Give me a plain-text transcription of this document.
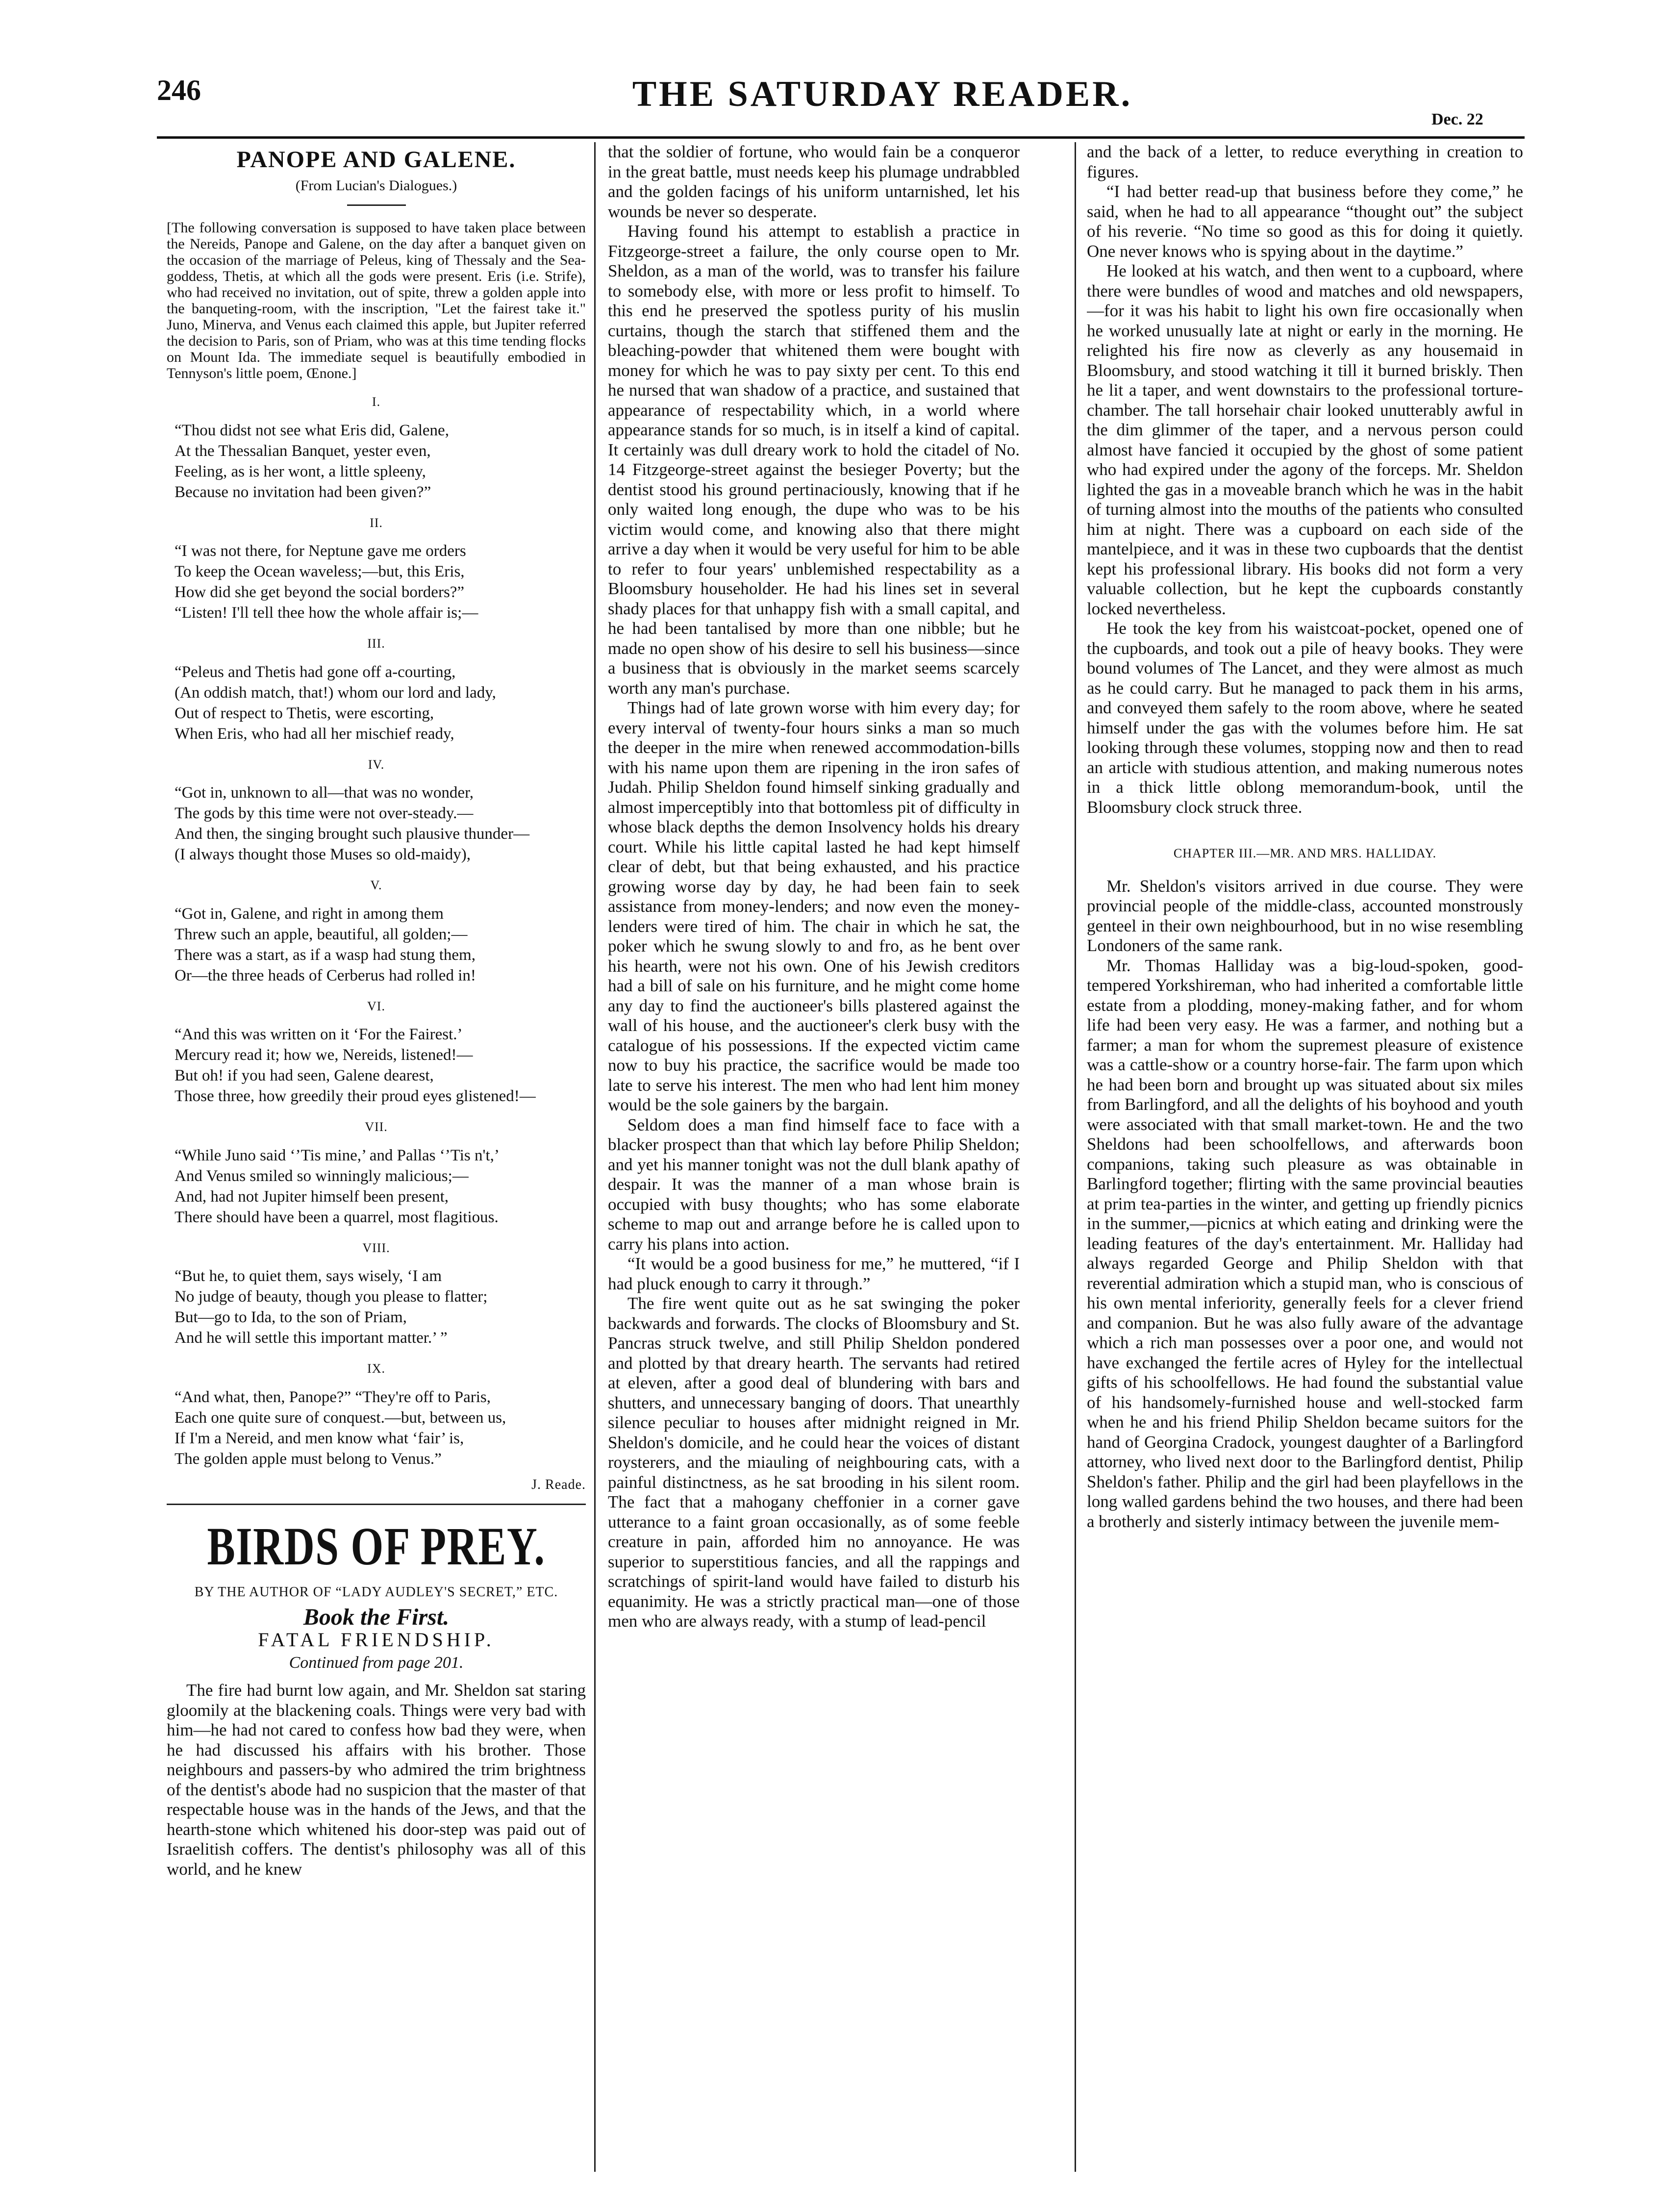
246	THE SATURDAY READER.
Dec. 22
PANOPE AND GALENE.
(From Lucian's Dialogues.)
[The following conversation is supposed to have taken place between the Nereids, Panope and Galene, on the day after a banquet given on the occasion of the marriage of Peleus, king of Thessaly and the Sea-goddess, Thetis, at which all the gods were present. Eris (i.e. Strife), who had received no invitation, out of spite, threw a golden apple into the banqueting-room, with the inscription, "Let the fairest take it." Juno, Minerva, and Venus each claimed this apple, but Jupiter referred the decision to Paris, son of Priam, who was at this time tending flocks on Mount Ida. The immediate sequel is beautifully embodied in Tennyson's little poem, Œnone.]
I.
“Thou didst not see what Eris did, Galene,
At the Thessalian Banquet, yester even,
Feeling, as is her wont, a little spleeny,
Because no invitation had been given?”
II.
“I was not there, for Neptune gave me orders
To keep the Ocean waveless;—but, this Eris,
How did she get beyond the social borders?”
“Listen! I'll tell thee how the whole affair is;—
III.
“Peleus and Thetis had gone off a-courting,
(An oddish match, that!) whom our lord and lady,
Out of respect to Thetis, were escorting,
When Eris, who had all her mischief ready,
IV.
“Got in, unknown to all—that was no wonder,
The gods by this time were not over-steady.—
And then, the singing brought such plausive thunder—
(I always thought those Muses so old-maidy),
V.
“Got in, Galene, and right in among them
Threw such an apple, beautiful, all golden;—
There was a start, as if a wasp had stung them,
Or—the three heads of Cerberus had rolled in!
VI.
“And this was written on it ‘For the Fairest.’
Mercury read it; how we, Nereids, listened!—
But oh! if you had seen, Galene dearest,
Those three, how greedily their proud eyes glistened!—
VII.
“While Juno said ‘’Tis mine,’ and Pallas ‘’Tis n't,’
And Venus smiled so winningly malicious;—
And, had not Jupiter himself been present,
There should have been a quarrel, most flagitious.
VIII.
“But he, to quiet them, says wisely, ‘I am
No judge of beauty, though you please to flatter;
But—go to Ida, to the son of Priam,
And he will settle this important matter.’ ”
IX.
“And what, then, Panope?” “They're off to Paris,
Each one quite sure of conquest.—but, between us,
If I'm a Nereid, and men know what ‘fair’ is,
The golden apple must belong to Venus.”
J. Reade.
BIRDS OF PREY.
BY THE AUTHOR OF “LADY AUDLEY'S SECRET,” ETC.
Book the First.
FATAL FRIENDSHIP.
Continued from page 201.

The fire had burnt low again, and Mr. Sheldon sat staring gloomily at the blackening coals. Things were very bad with him—he had not cared to confess how bad they were, when he had discussed his affairs with his brother. Those neighbours and passers-by who admired the trim brightness of the dentist's abode had no suspicion that the master of that respectable house was in the hands of the Jews, and that the hearth-stone which whitened his door-step was paid out of Israelitish coffers. The dentist's philosophy was all of this world, and he knew

that the soldier of fortune, who would fain be a conqueror in the great battle, must needs keep his plumage undrabbled and the golden facings of his uniform untarnished, let his wounds be never so desperate.

Having found his attempt to establish a practice in Fitzgeorge-street a failure, the only course open to Mr. Sheldon, as a man of the world, was to transfer his failure to somebody else, with more or less profit to himself. To this end he preserved the spotless purity of his muslin curtains, though the starch that stiffened them and the bleaching-powder that whitened them were bought with money for which he was to pay sixty per cent. To this end he nursed that wan shadow of a practice, and sustained that appearance of respectability which, in a world where appearance stands for so much, is in itself a kind of capital. It certainly was dull dreary work to hold the citadel of No. 14 Fitzgeorge-street against the besieger Poverty; but the dentist stood his ground pertinaciously, knowing that if he only waited long enough, the dupe who was to be his victim would come, and knowing also that there might arrive a day when it would be very useful for him to be able to refer to four years' unblemished respectability as a Bloomsbury householder. He had his lines set in several shady places for that unhappy fish with a small capital, and he had been tantalised by more than one nibble; but he made no open show of his desire to sell his business—since a business that is obviously in the market seems scarcely worth any man's purchase.

Things had of late grown worse with him every day; for every interval of twenty-four hours sinks a man so much the deeper in the mire when renewed accommodation-bills with his name upon them are ripening in the iron safes of Judah. Philip Sheldon found himself sinking gradually and almost imperceptibly into that bottomless pit of difficulty in whose black depths the demon Insolvency holds his dreary court. While his little capital lasted he had kept himself clear of debt, but that being exhausted, and his practice growing worse day by day, he had been fain to seek assistance from money-lenders; and now even the money-lenders were tired of him. The chair in which he sat, the poker which he swung slowly to and fro, as he bent over his hearth, were not his own. One of his Jewish creditors had a bill of sale on his furniture, and he might come home any day to find the auctioneer's bills plastered against the wall of his house, and the auctioneer's clerk busy with the catalogue of his possessions. If the expected victim came now to buy his practice, the sacrifice would be made too late to serve his interest. The men who had lent him money would be the sole gainers by the bargain.

Seldom does a man find himself face to face with a blacker prospect than that which lay before Philip Sheldon; and yet his manner tonight was not the dull blank apathy of despair. It was the manner of a man whose brain is occupied with busy thoughts; who has some elaborate scheme to map out and arrange before he is called upon to carry his plans into action.

“It would be a good business for me,” he muttered, “if I had pluck enough to carry it through.”

The fire went quite out as he sat swinging the poker backwards and forwards. The clocks of Bloomsbury and St. Pancras struck twelve, and still Philip Sheldon pondered and plotted by that dreary hearth. The servants had retired at eleven, after a good deal of blundering with bars and shutters, and unnecessary banging of doors. That unearthly silence peculiar to houses after midnight reigned in Mr. Sheldon's domicile, and he could hear the voices of distant roysterers, and the miauling of neighbouring cats, with a painful distinctness, as he sat brooding in his silent room. The fact that a mahogany cheffonier in a corner gave utterance to a faint groan occasionally, as of some feeble creature in pain, afforded him no annoyance. He was superior to superstitious fancies, and all the rappings and scratchings of spirit-land would have failed to disturb his equanimity. He was a strictly practical man—one of those men who are always ready, with a stump of lead-pencil

and the back of a letter, to reduce everything in creation to figures.

“I had better read-up that business before they come,” he said, when he had to all appearance “thought out” the subject of his reverie. “No time so good as this for doing it quietly. One never knows who is spying about in the daytime.”

He looked at his watch, and then went to a cupboard, where there were bundles of wood and matches and old newspapers,—for it was his habit to light his own fire occasionally when he worked unusually late at night or early in the morning. He relighted his fire now as cleverly as any housemaid in Bloomsbury, and stood watching it till it burned briskly. Then he lit a taper, and went downstairs to the professional torture-chamber. The tall horsehair chair looked unutterably awful in the dim glimmer of the taper, and a nervous person could almost have fancied it occupied by the ghost of some patient who had expired under the agony of the forceps. Mr. Sheldon lighted the gas in a moveable branch which he was in the habit of turning almost into the mouths of the patients who consulted him at night. There was a cupboard on each side of the mantelpiece, and it was in these two cupboards that the dentist kept his professional library. His books did not form a very valuable collection, but he kept the cupboards constantly locked nevertheless.

He took the key from his waistcoat-pocket, opened one of the cupboards, and took out a pile of heavy books. They were bound volumes of The Lancet, and they were almost as much as he could carry. But he managed to pack them in his arms, and conveyed them safely to the room above, where he seated himself under the gas with the volumes before him. He sat looking through these volumes, stopping now and then to read an article with studious attention, and making numerous notes in a thick little oblong memorandum-book, until the Bloomsbury clock struck three.

CHAPTER III.—MR. AND MRS. HALLIDAY.

Mr. Sheldon's visitors arrived in due course. They were provincial people of the middle-class, accounted monstrously genteel in their own neighbourhood, but in no wise resembling Londoners of the same rank.

Mr. Thomas Halliday was a big-loud-spoken, good-tempered Yorkshireman, who had inherited a comfortable little estate from a plodding, money-making father, and for whom life had been very easy. He was a farmer, and nothing but a farmer; a man for whom the supremest pleasure of existence was a cattle-show or a country horse-fair. The farm upon which he had been born and brought up was situated about six miles from Barlingford, and all the delights of his boyhood and youth were associated with that small market-town. He and the two Sheldons had been schoolfellows, and afterwards boon companions, taking such pleasure as was obtainable in Barlingford together; flirting with the same provincial beauties at prim tea-parties in the winter, and getting up friendly picnics in the summer,—picnics at which eating and drinking were the leading features of the day's entertainment. Mr. Halliday had always regarded George and Philip Sheldon with that reverential admiration which a stupid man, who is conscious of his own mental inferiority, generally feels for a clever friend and companion. But he was also fully aware of the advantage which a rich man possesses over a poor one, and would not have exchanged the fertile acres of Hyley for the intellectual gifts of his schoolfellows. He had found the substantial value of his handsomely-furnished house and well-stocked farm when he and his friend Philip Sheldon became suitors for the hand of Georgina Cradock, youngest daughter of a Barlingford attorney, who lived next door to the Barlingford dentist, Philip Sheldon's father. Philip and the girl had been playfellows in the long walled gardens behind the two houses, and there had been a brotherly and sisterly intimacy between the juvenile mem-
